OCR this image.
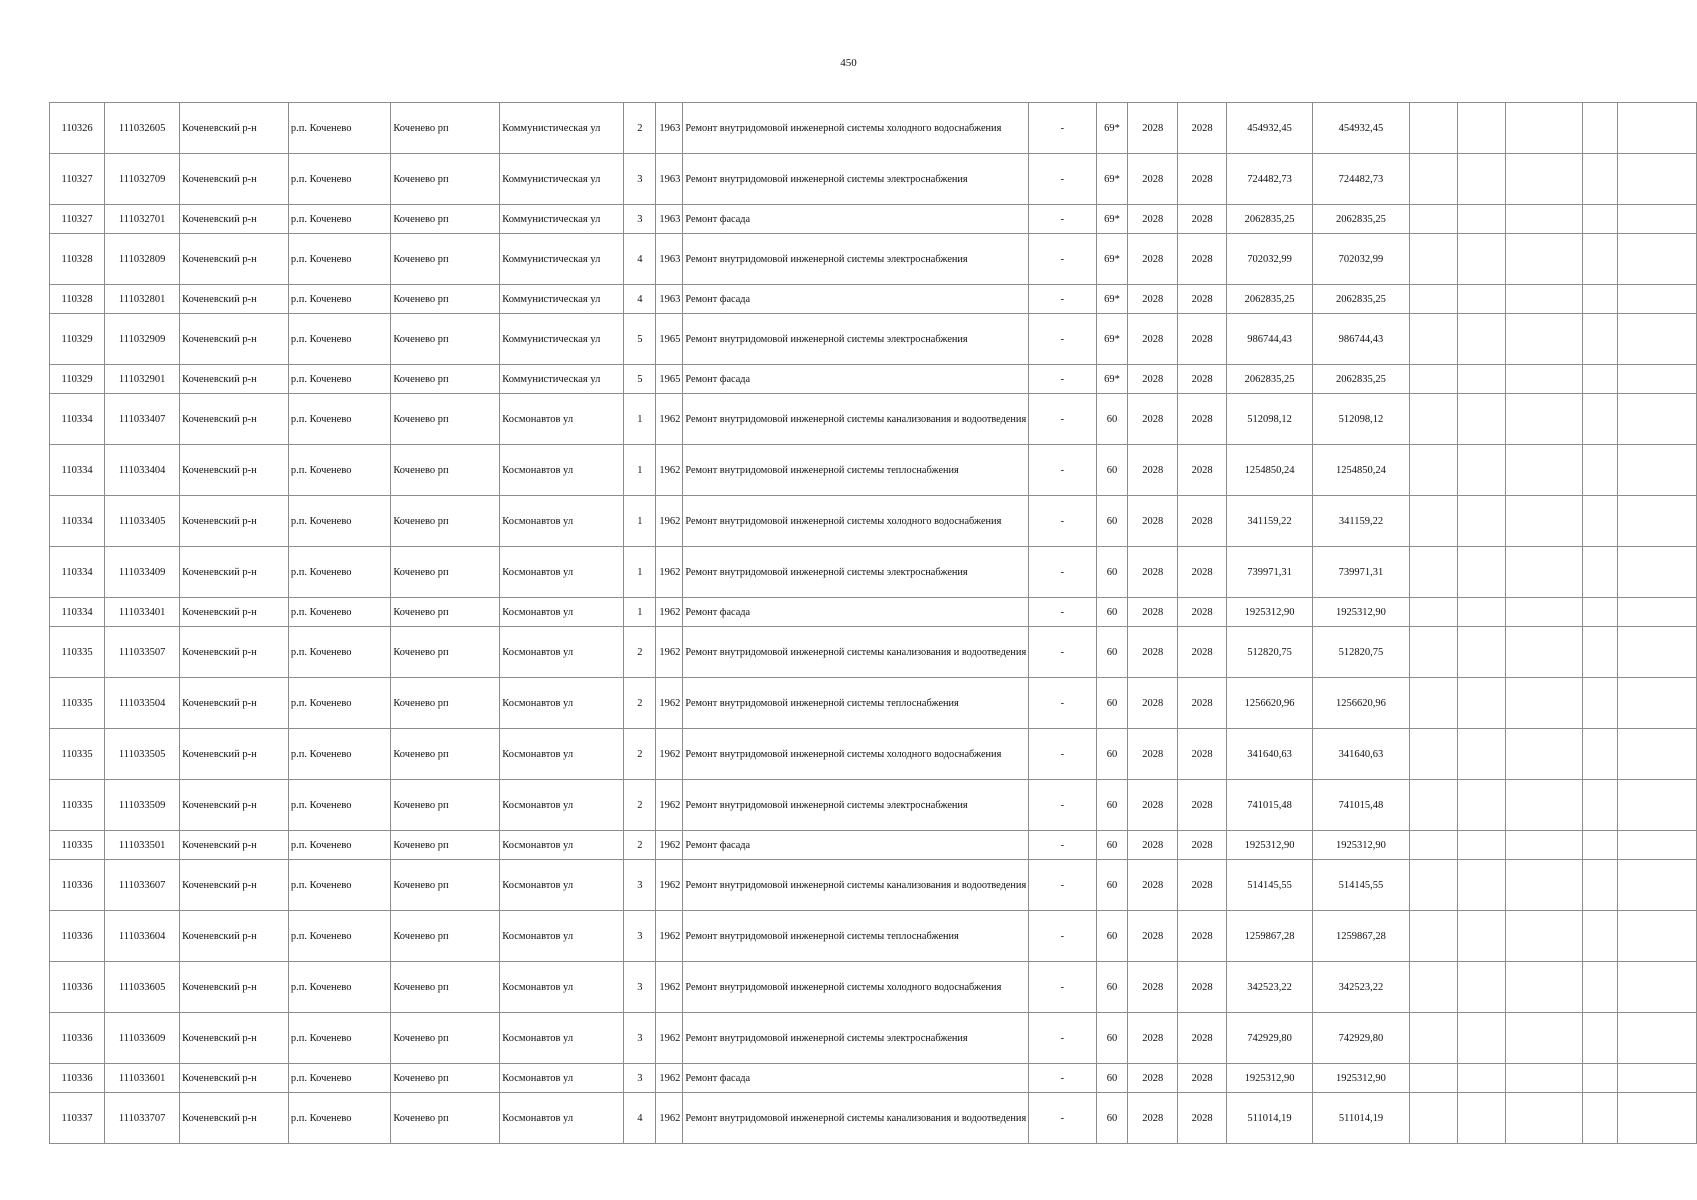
450
110326	111032605	Коченевский р-н	р.п. Коченево	Коченево рп	Коммунистическая ул	2	1963	Ремонт внутридомовой инженерной системы холодного водоснабжения	-	69*	2028	2028	454932,45	454932,45					
110327	111032709	Коченевский р-н	р.п. Коченево	Коченево рп	Коммунистическая ул	3	1963	Ремонт внутридомовой инженерной системы электроснабжения	-	69*	2028	2028	724482,73	724482,73					
110327	111032701	Коченевский р-н	р.п. Коченево	Коченево рп	Коммунистическая ул	3	1963	Ремонт фасада	-	69*	2028	2028	2062835,25	2062835,25					
110328	111032809	Коченевский р-н	р.п. Коченево	Коченево рп	Коммунистическая ул	4	1963	Ремонт внутридомовой инженерной системы электроснабжения	-	69*	2028	2028	702032,99	702032,99					
110328	111032801	Коченевский р-н	р.п. Коченево	Коченево рп	Коммунистическая ул	4	1963	Ремонт фасада	-	69*	2028	2028	2062835,25	2062835,25					
110329	111032909	Коченевский р-н	р.п. Коченево	Коченево рп	Коммунистическая ул	5	1965	Ремонт внутридомовой инженерной системы электроснабжения	-	69*	2028	2028	986744,43	986744,43					
110329	111032901	Коченевский р-н	р.п. Коченево	Коченево рп	Коммунистическая ул	5	1965	Ремонт фасада	-	69*	2028	2028	2062835,25	2062835,25					
110334	111033407	Коченевский р-н	р.п. Коченево	Коченево рп	Космонавтов ул	1	1962	Ремонт внутридомовой инженерной системы канализования и водоотведения	-	60	2028	2028	512098,12	512098,12					
110334	111033404	Коченевский р-н	р.п. Коченево	Коченево рп	Космонавтов ул	1	1962	Ремонт внутридомовой инженерной системы теплоснабжения	-	60	2028	2028	1254850,24	1254850,24					
110334	111033405	Коченевский р-н	р.п. Коченево	Коченево рп	Космонавтов ул	1	1962	Ремонт внутридомовой инженерной системы холодного водоснабжения	-	60	2028	2028	341159,22	341159,22					
110334	111033409	Коченевский р-н	р.п. Коченево	Коченево рп	Космонавтов ул	1	1962	Ремонт внутридомовой инженерной системы электроснабжения	-	60	2028	2028	739971,31	739971,31					
110334	111033401	Коченевский р-н	р.п. Коченево	Коченево рп	Космонавтов ул	1	1962	Ремонт фасада	-	60	2028	2028	1925312,90	1925312,90					
110335	111033507	Коченевский р-н	р.п. Коченево	Коченево рп	Космонавтов ул	2	1962	Ремонт внутридомовой инженерной системы канализования и водоотведения	-	60	2028	2028	512820,75	512820,75					
110335	111033504	Коченевский р-н	р.п. Коченево	Коченево рп	Космонавтов ул	2	1962	Ремонт внутридомовой инженерной системы теплоснабжения	-	60	2028	2028	1256620,96	1256620,96					
110335	111033505	Коченевский р-н	р.п. Коченево	Коченево рп	Космонавтов ул	2	1962	Ремонт внутридомовой инженерной системы холодного водоснабжения	-	60	2028	2028	341640,63	341640,63					
110335	111033509	Коченевский р-н	р.п. Коченево	Коченево рп	Космонавтов ул	2	1962	Ремонт внутридомовой инженерной системы электроснабжения	-	60	2028	2028	741015,48	741015,48					
110335	111033501	Коченевский р-н	р.п. Коченево	Коченево рп	Космонавтов ул	2	1962	Ремонт фасада	-	60	2028	2028	1925312,90	1925312,90					
110336	111033607	Коченевский р-н	р.п. Коченево	Коченево рп	Космонавтов ул	3	1962	Ремонт внутридомовой инженерной системы канализования и водоотведения	-	60	2028	2028	514145,55	514145,55					
110336	111033604	Коченевский р-н	р.п. Коченево	Коченево рп	Космонавтов ул	3	1962	Ремонт внутридомовой инженерной системы теплоснабжения	-	60	2028	2028	1259867,28	1259867,28					
110336	111033605	Коченевский р-н	р.п. Коченево	Коченево рп	Космонавтов ул	3	1962	Ремонт внутридомовой инженерной системы холодного водоснабжения	-	60	2028	2028	342523,22	342523,22					
110336	111033609	Коченевский р-н	р.п. Коченево	Коченево рп	Космонавтов ул	3	1962	Ремонт внутридомовой инженерной системы электроснабжения	-	60	2028	2028	742929,80	742929,80					
110336	111033601	Коченевский р-н	р.п. Коченево	Коченево рп	Космонавтов ул	3	1962	Ремонт фасада	-	60	2028	2028	1925312,90	1925312,90					
110337	111033707	Коченевский р-н	р.п. Коченево	Коченево рп	Космонавтов ул	4	1962	Ремонт внутридомовой инженерной системы канализования и водоотведения	-	60	2028	2028	511014,19	511014,19					
